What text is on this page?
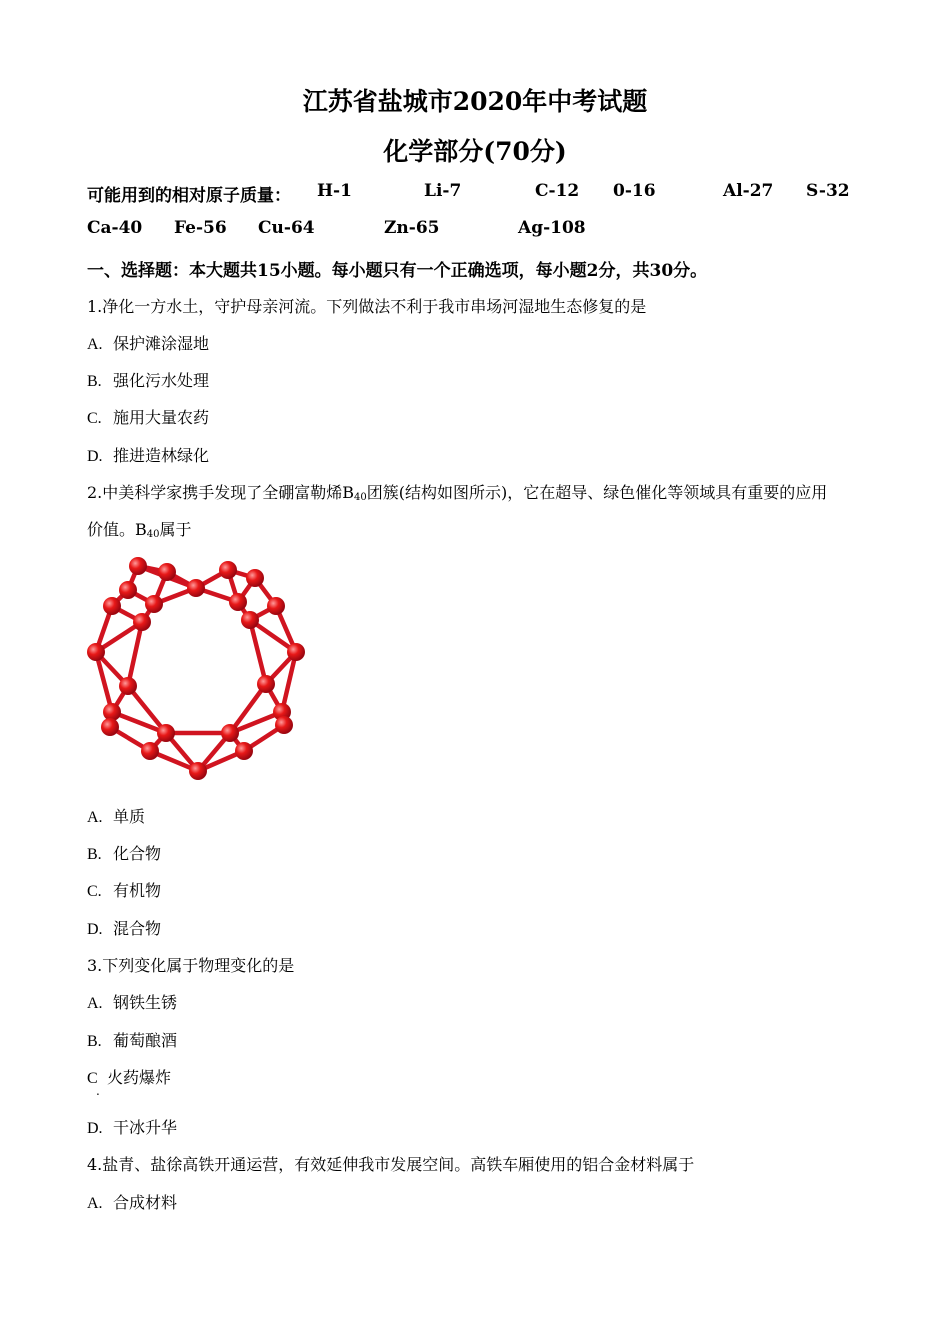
江苏省盐城市2020年中考试题
化学部分(70分)
可能用到的相对原子质量： H-1	Li-7	C-12 0-16	Al-27 S-32
Ca-40 Fe-56 Cu-64	Zn-65	Ag-108
一、选择题：本大题共15小题。每小题只有一个正确选项，每小题2分，共30分。
1.净化一方水土，守护母亲河流。下列做法不利于我市串场河湿地生态修复的是
A. 保护滩涂湿地
B. 强化污水处理
C. 施用大量农药
D. 推进造林绿化
2.中美科学家携手发现了全硼富勒烯$B_{40}$团簇(结构如图所示)，它在超导、绿色催化等领域具有重要的应用
价值。$B_{40}$属于
A. 单质
B. 化合物
C. 有机物
D. 混合物
3.下列变化属于物理变化的是
A. 钢铁生锈
B. 葡萄酿酒
C 火药爆炸
.
D. 干冰升华
4.盐青、盐徐高铁开通运营，有效延伸我市发展空间。高铁车厢使用的铝合金材料属于
A. 合成材料
